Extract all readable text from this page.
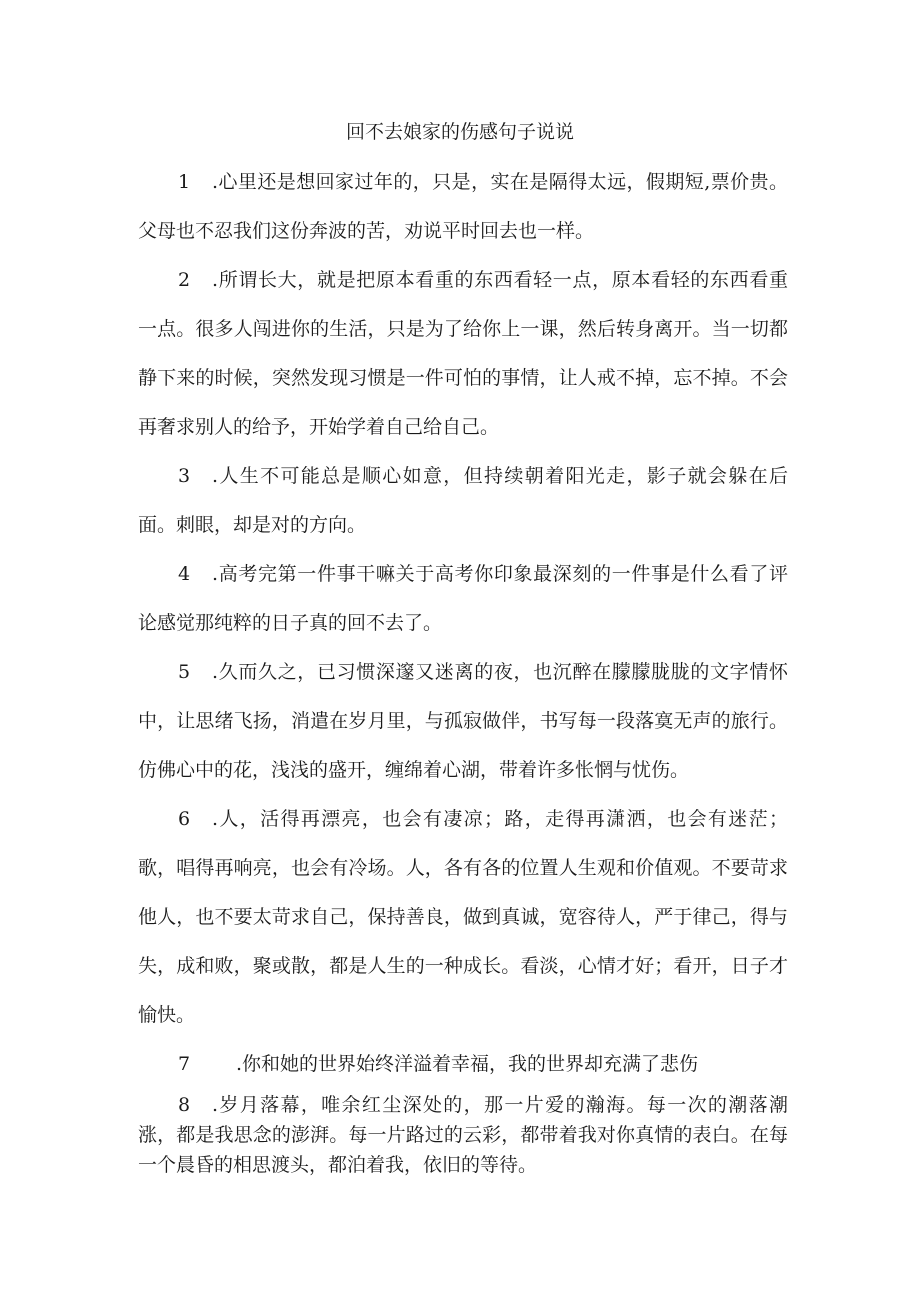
回不去娘家的伤感句子说说
1 .心里还是想回家过年的，只是，实在是隔得太远，假期短,票价贵。父母也不忍我们这份奔波的苦，劝说平时回去也一样。
2 .所谓长大，就是把原本看重的东西看轻一点，原本看轻的东西看重一点。很多人闯进你的生活，只是为了给你上一课，然后转身离开。当一切都静下来的时候，突然发现习惯是一件可怕的事情，让人戒不掉，忘不掉。不会再奢求别人的给予，开始学着自己给自己。
3 .人生不可能总是顺心如意，但持续朝着阳光走，影子就会躲在后面。刺眼，却是对的方向。
4 .高考完第一件事干嘛关于高考你印象最深刻的一件事是什么看了评论感觉那纯粹的日子真的回不去了。
5 .久而久之，已习惯深邃又迷离的夜，也沉醉在朦朦胧胧的文字情怀中，让思绪飞扬，消遣在岁月里，与孤寂做伴，书写每一段落寞无声的旅行。仿佛心中的花，浅浅的盛开，缠绵着心湖，带着许多怅惘与忧伤。
6 .人，活得再漂亮，也会有凄凉；路，走得再潇洒，也会有迷茫；歌，唱得再响亮，也会有冷场。人，各有各的位置人生观和价值观。不要苛求他人，也不要太苛求自己，保持善良，做到真诚，宽容待人，严于律己，得与失，成和败，聚或散，都是人生的一种成长。看淡，心情才好；看开，日子才愉快。
7 .你和她的世界始终洋溢着幸福，我的世界却充满了悲伤
8 .岁月落幕，唯余红尘深处的，那一片爱的瀚海。每一次的潮落潮涨，都是我思念的澎湃。每一片路过的云彩，都带着我对你真情的表白。在每一个晨昏的相思渡头，都泊着我，依旧的等待。
